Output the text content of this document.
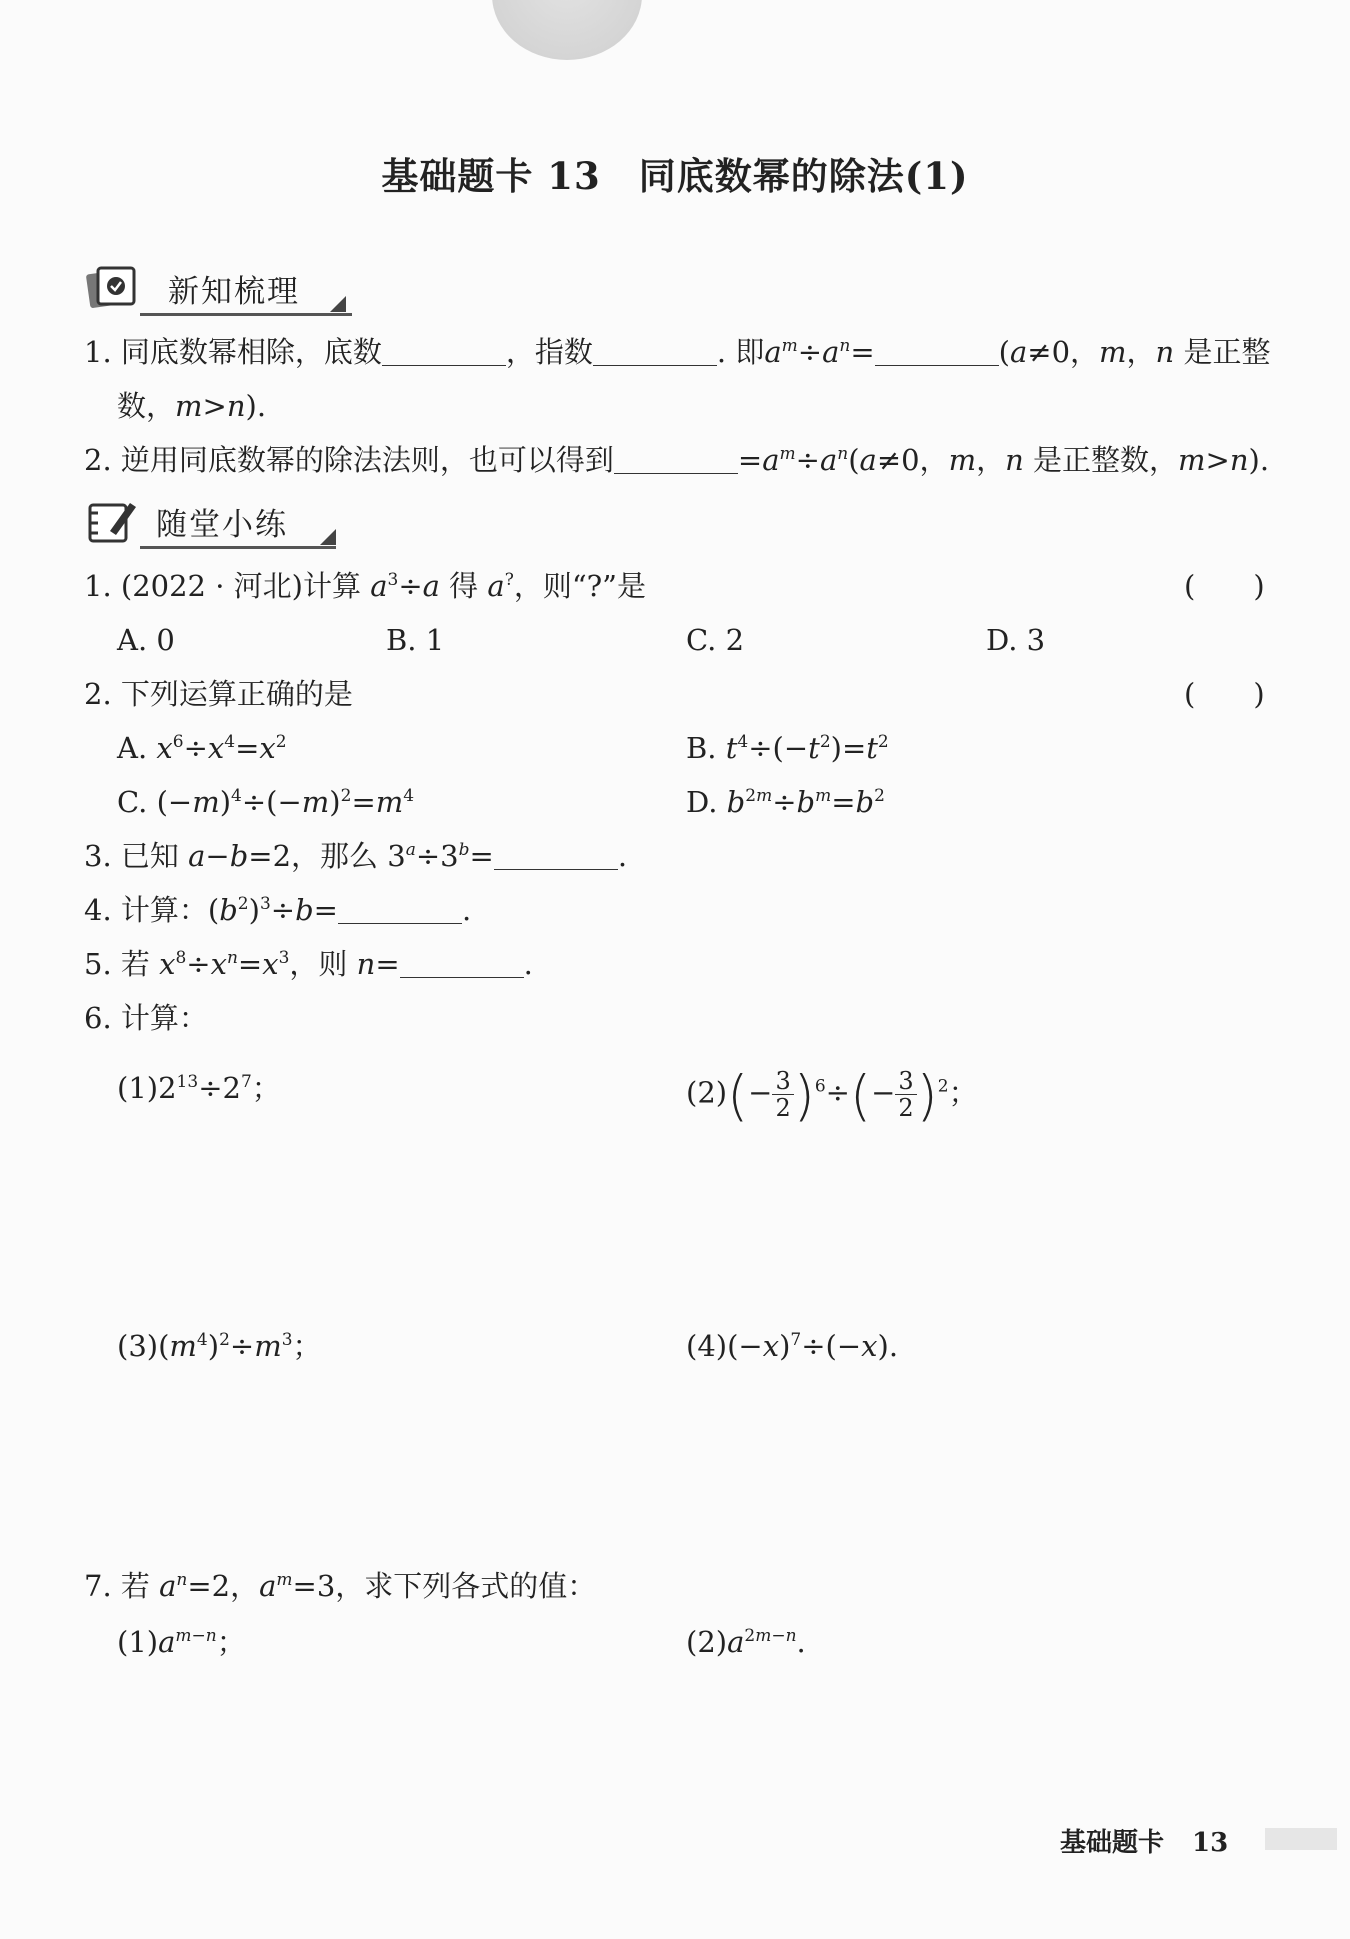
基础题卡 13 同底数幂的除法(1)
新知梳理
1. 同底数幂相除，底数	，指数	. 即$a^m\div a^n=$	(a≠0，m，n 是正整
数，m>n).
2. 逆用同底数幂的除法法则，也可以得到	$=a^m\div a^n(a\ne 0$，m，n 是正整数，m>n).
随堂小练
1. (2022 · 河北)计算 $a^3\div a$ 得 a?，则“?”是	(　　)
A. 0	B. 1	C. 2	D. 3
2. 下列运算正确的是	(　　)
A. $x^6\div x^4=x^2$	B. $t^4\div(-t^2)=t^2$
C. $(-m)^4\div(-m)^2=m^4$	D. $b^{2m}\div b^m=b^2$
3. 已知 a−b=2，那么 $3^a\div 3^b=$	.
4. 计算：$(b^2)^3\div b=$	.
5. 若 $x^8\div x^n=x^3$，则 n=	.
6. 计算：
$(1)2^{13}\div 2^7$；	$(2)(- \frac{3}{2} )^6\div(- \frac{3}{2} )^2$；
$(3)(m^4)^2\div m^3$；	$(4)(-x)^7\div(-x)$.
7. 若 $a^n=2$，$a^m=3$，求下列各式的值：
$(1)a^{m-n}$；	$(2)a^{2m-n}$.
基础题卡 13
